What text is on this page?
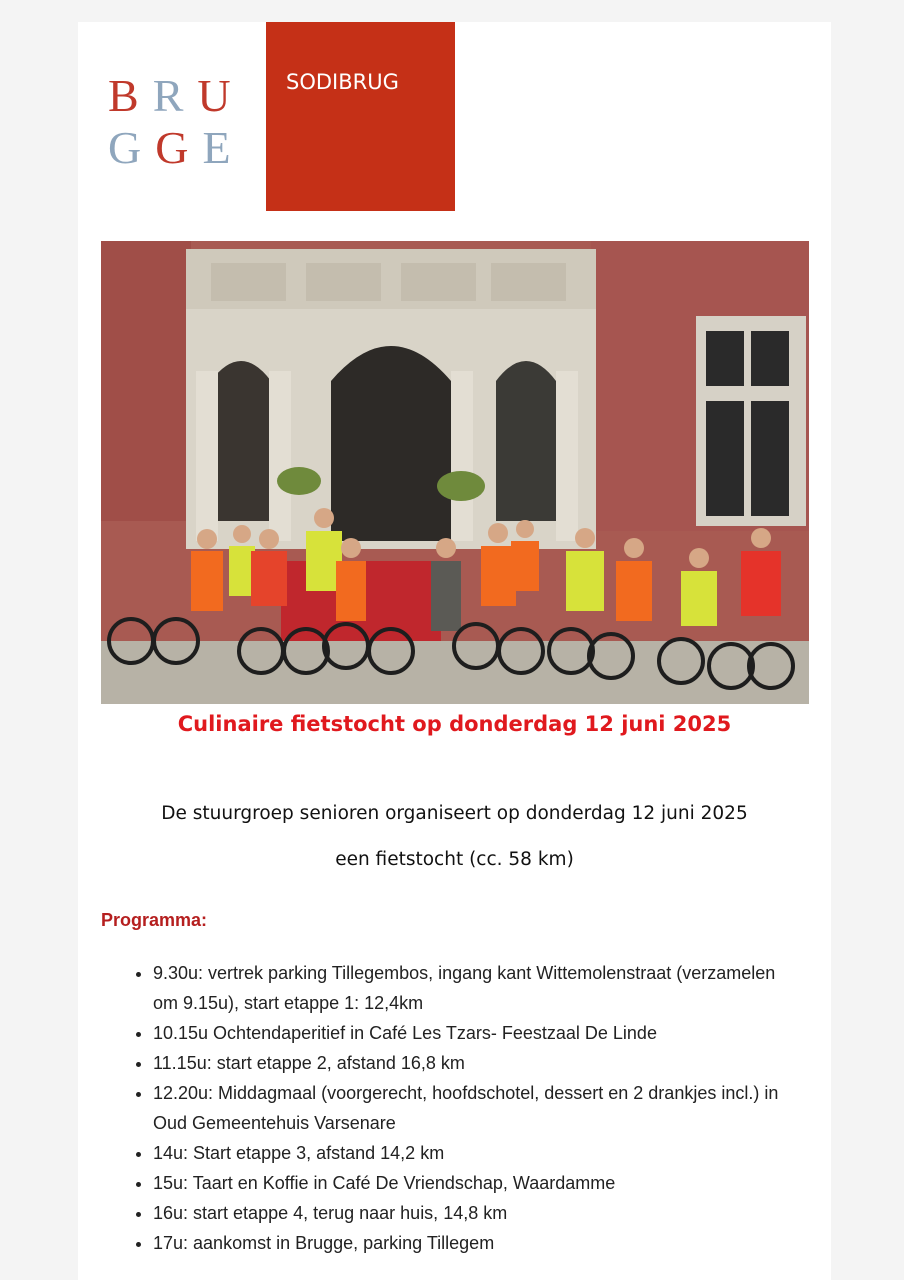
BRU
GGE
SODIBRUG
Culinaire fietstocht op donderdag 12 juni 2025
De stuurgroep senioren organiseert op donderdag 12 juni 2025
een fietstocht (cc. 58 km)
Programma:
• 9.30u: vertrek parking Tillegembos, ingang kant Wittemolenstraat (verzamelen om 9.15u), start etappe 1: 12,4km
• 10.15u Ochtendaperitief in Café Les Tzars- Feestzaal De Linde
• 11.15u: start etappe 2, afstand 16,8 km
• 12.20u: Middagmaal (voorgerecht, hoofdschotel, dessert en 2 drankjes incl.) in Oud Gemeentehuis Varsenare
• 14u: Start etappe 3, afstand 14,2 km
• 15u: Taart en Koffie in Café De Vriendschap, Waardamme
• 16u: start etappe 4, terug naar huis, 14,8 km
• 17u: aankomst in Brugge, parking Tillegem
